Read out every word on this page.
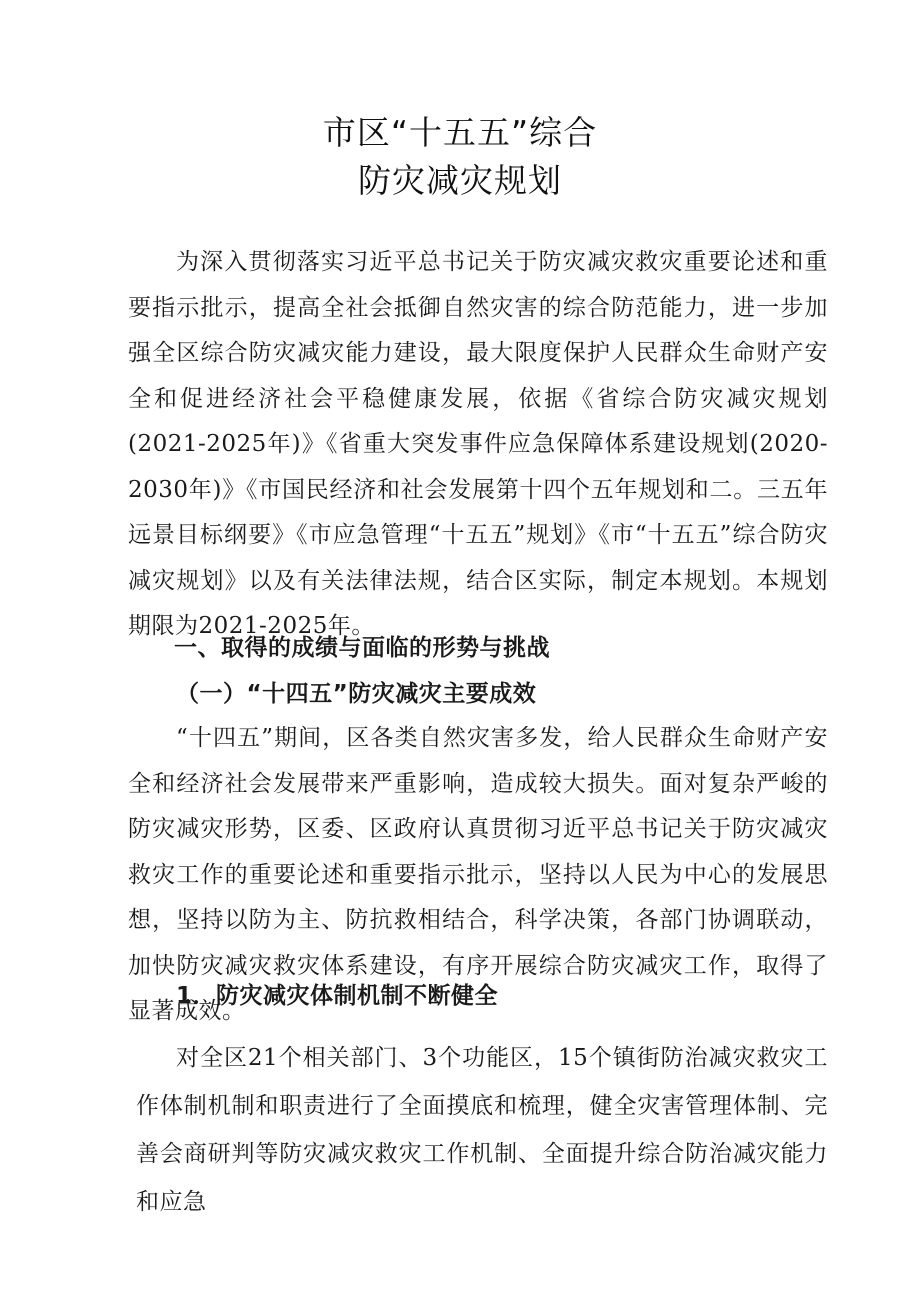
市区“十五五”综合
防灾减灾规划

为深入贯彻落实习近平总书记关于防灾减灾救灾重要论述和重要指示批示，提高全社会抵御自然灾害的综合防范能力，进一步加强全区综合防灾减灾能力建设，最大限度保护人民群众生命财产安全和促进经济社会平稳健康发展，依据《省综合防灾减灾规划(2021-2025年)》《省重大突发事件应急保障体系建设规划(2020-2030年)》《市国民经济和社会发展第十四个五年规划和二。三五年远景目标纲要》《市应急管理“十五五”规划》《市“十五五”综合防灾减灾规划》以及有关法律法规，结合区实际，制定本规划。本规划期限为2021-2025年。

一、取得的成绩与面临的形势与挑战
（一）“十四五”防灾减灾主要成效

“十四五”期间，区各类自然灾害多发，给人民群众生命财产安全和经济社会发展带来严重影响，造成较大损失。面对复杂严峻的防灾减灾形势，区委、区政府认真贯彻习近平总书记关于防灾减灾救灾工作的重要论述和重要指示批示，坚持以人民为中心的发展思想，坚持以防为主、防抗救相结合，科学决策，各部门协调联动，加快防灾减灾救灾体系建设，有序开展综合防灾减灾工作，取得了显著成效。

1．防灾减灾体制机制不断健全

对全区21个相关部门、3个功能区，15个镇街防治减灾救灾工作体制机制和职责进行了全面摸底和梳理，健全灾害管理体制、完善会商研判等防灾减灾救灾工作机制、全面提升综合防治减灾能力和应急
